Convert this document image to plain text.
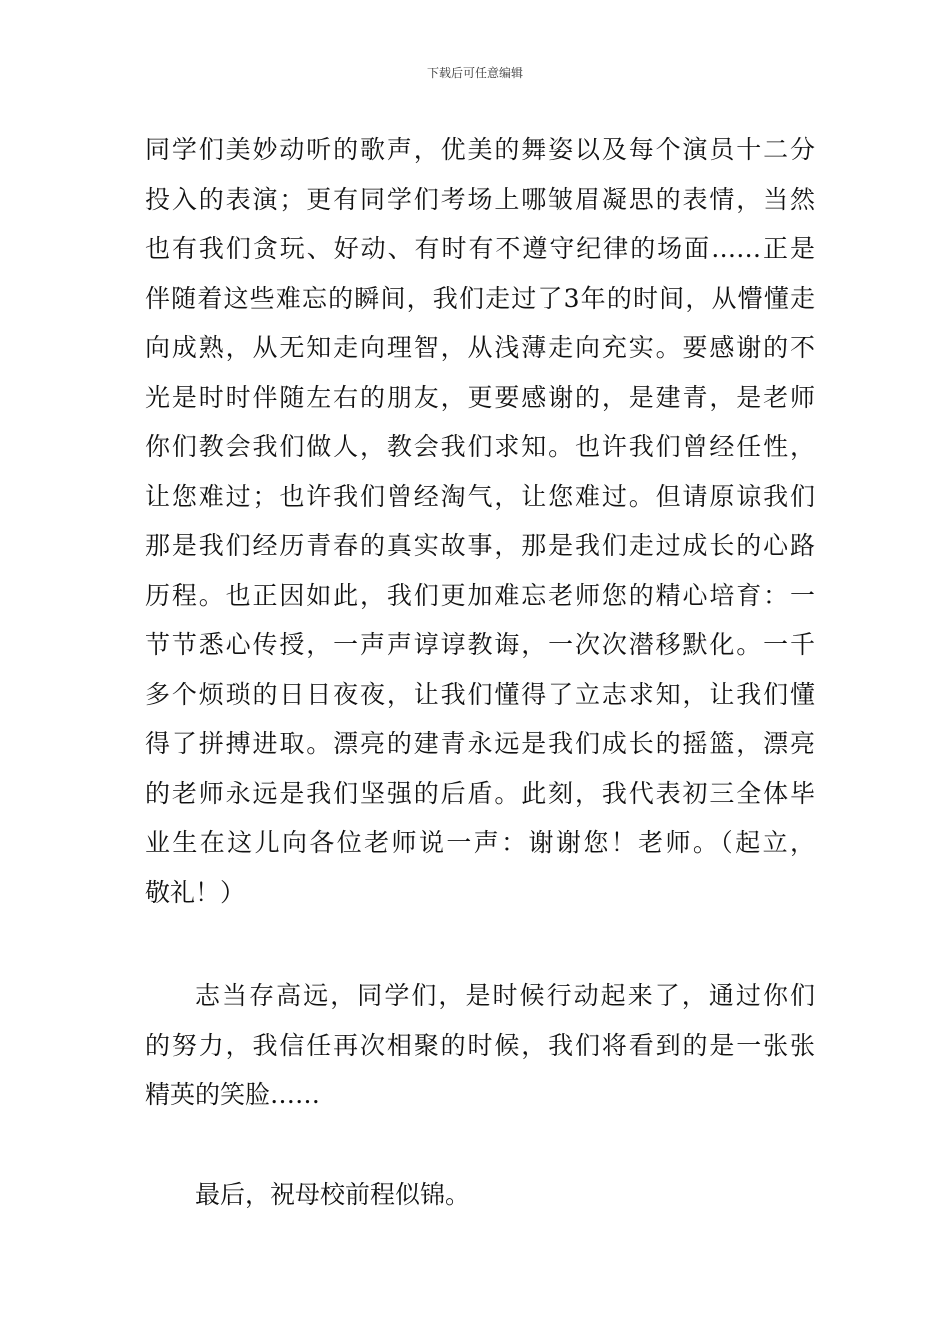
下载后可任意编辑
同学们美妙动听的歌声，优美的舞姿以及每个演员十二分
投入的表演；更有同学们考场上哪皱眉凝思的表情，当然
也有我们贪玩、好动、有时有不遵守纪律的场面……正是
伴随着这些难忘的瞬间，我们走过了3年的时间，从懵懂走
向成熟，从无知走向理智，从浅薄走向充实。要感谢的不
光是时时伴随左右的朋友，更要感谢的，是建青，是老师
你们教会我们做人，教会我们求知。也许我们曾经任性，
让您难过；也许我们曾经淘气，让您难过。但请原谅我们
那是我们经历青春的真实故事，那是我们走过成长的心路
历程。也正因如此，我们更加难忘老师您的精心培育：一
节节悉心传授，一声声谆谆教诲，一次次潜移默化。一千
多个烦琐的日日夜夜，让我们懂得了立志求知，让我们懂
得了拼搏进取。漂亮的建青永远是我们成长的摇篮，漂亮
的老师永远是我们坚强的后盾。此刻，我代表初三全体毕
业生在这儿向各位老师说一声：谢谢您！老师。（起立，
敬礼！）
志当存高远，同学们，是时候行动起来了，通过你们
的努力，我信任再次相聚的时候，我们将看到的是一张张
精英的笑脸……
最后，祝母校前程似锦。
